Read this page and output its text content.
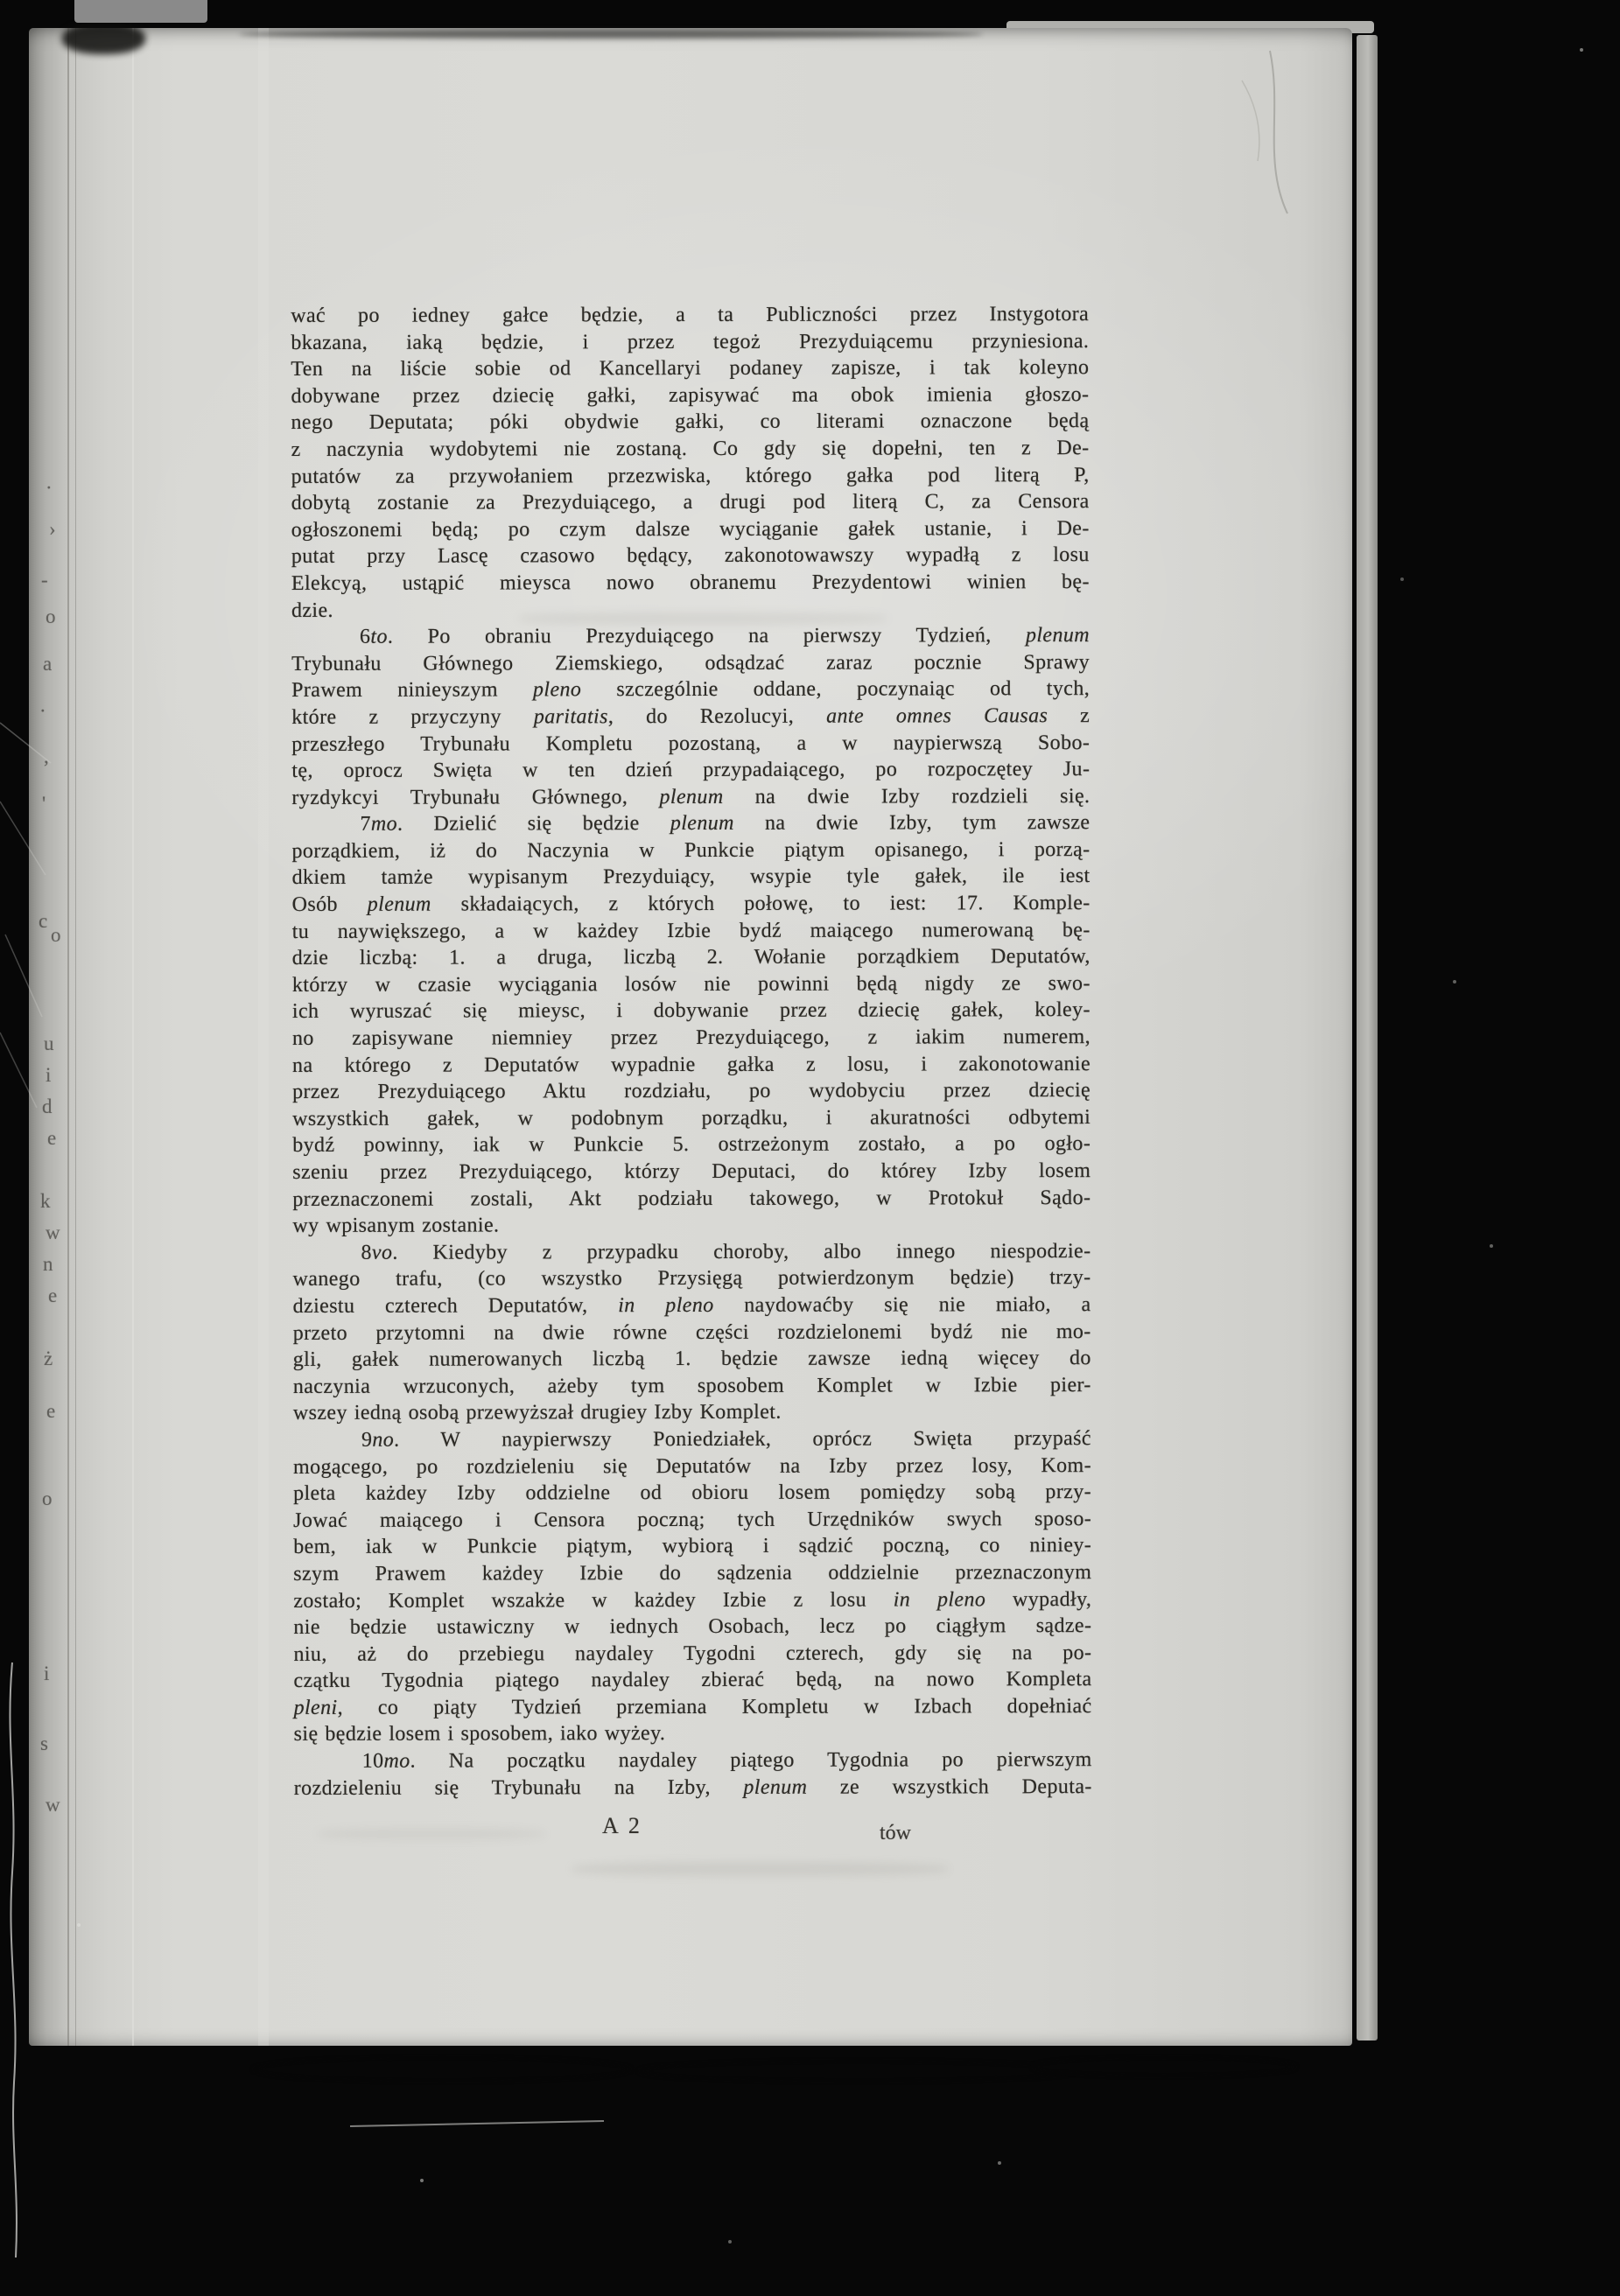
·
›
-
o
a
·
,
'
c
o
u
i
d
e
k
w
n
e
ż
e
o
i
s
w
wać po iedney gałce będzie, a ta Publiczności przez Instygotora
bkazana, iaką będzie, i przez tegoż Prezyduiącemu przyniesiona.
Ten na liście sobie od Kancellaryi podaney zapisze, i tak koleyno
dobywane przez dziecię gałki, zapisywać ma obok imienia głoszo-
nego Deputata; póki obydwie gałki, co literami oznaczone będą
z naczynia wydobytemi nie zostaną. Co gdy się dopełni, ten z De-
putatów za przywołaniem przezwiska, którego gałka pod literą P,
dobytą zostanie za Prezyduiącego, a drugi pod literą C, za Censora
ogłoszonemi będą; po czym dalsze wyciąganie gałek ustanie, i De-
putat przy Lascę czasowo będący, zakonotowawszy wypadłą z losu
Elekcyą, ustąpić mieysca nowo obranemu Prezydentowi winien bę-
dzie.
6to. Po obraniu Prezyduiącego na pierwszy Tydzień, plenum
Trybunału Głównego Ziemskiego, odsądzać zaraz pocznie Sprawy
Prawem ninieyszym pleno szczególnie oddane, poczynaiąc od tych,
które z przyczyny paritatis, do Rezolucyi, ante omnes Causas z
przeszłego Trybunału Kompletu pozostaną, a w naypierwszą Sobo-
tę, oprocz Swięta w ten dzień przypadaiącego, po rozpoczętey Ju-
ryzdykcyi Trybunału Głównego, plenum na dwie Izby rozdzieli się.
7mo. Dzielić się będzie plenum na dwie Izby, tym zawsze
porządkiem, iż do Naczynia w Punkcie piątym opisanego, i porzą-
dkiem tamże wypisanym Prezyduiący, wsypie tyle gałek, ile iest
Osób plenum składaiących, z których połowę, to iest: 17. Komple-
tu naywiększego, a w każdey Izbie bydź maiącego numerowaną bę-
dzie liczbą: 1. a druga, liczbą 2. Wołanie porządkiem Deputatów,
którzy w czasie wyciągania losów nie powinni będą nigdy ze swo-
ich wyruszać się mieysc, i dobywanie przez dziecię gałek, koley-
no zapisywane niemniey przez Prezyduiącego, z iakim numerem,
na którego z Deputatów wypadnie gałka z losu, i zakonotowanie
przez Prezyduiącego Aktu rozdziału, po wydobyciu przez dziecię
wszystkich gałek, w podobnym porządku, i akuratności odbytemi
bydź powinny, iak w Punkcie 5. ostrzeżonym zostało, a po ogło-
szeniu przez Prezyduiącego, którzy Deputaci, do którey Izby losem
przeznaczonemi zostali, Akt podziału takowego, w Protokuł Sądo-
wy wpisanym zostanie.
8vo. Kiedyby z przypadku choroby, albo innego niespodzie-
wanego trafu, (co wszystko Przysięgą potwierdzonym będzie) trzy-
dziestu czterech Deputatów, in pleno naydowaćby się nie miało, a
przeto przytomni na dwie równe części rozdzielonemi bydź nie mo-
gli, gałek numerowanych liczbą 1. będzie zawsze iedną więcey do
naczynia wrzuconych, ażeby tym sposobem Komplet w Izbie pier-
wszey iedną osobą przewyższał drugiey Izby Komplet.
9no. W naypierwszy Poniedziałek, oprócz Swięta przypaść
mogącego, po rozdzieleniu się Deputatów na Izby przez losy, Kom-
pleta każdey Izby oddzielne od obioru losem pomiędzy sobą przy-
Jować maiącego i Censora poczną; tych Urzędników swych sposo-
bem, iak w Punkcie piątym, wybiorą i sądzić poczną, co niniey-
szym Prawem każdey Izbie do sądzenia oddzielnie przeznaczonym
zostało; Komplet wszakże w każdey Izbie z losu in pleno wypadły,
nie będzie ustawiczny w iednych Osobach, lecz po ciągłym sądze-
niu, aż do przebiegu naydaley Tygodni czterech, gdy się na po-
czątku Tygodnia piątego naydaley zbierać będą, na nowo Kompleta
pleni, co piąty Tydzień przemiana Kompletu w Izbach dopełniać
się będzie losem i sposobem, iako wyżey.
10mo. Na początku naydaley piątego Tygodnia po pierwszym
rozdzieleniu się Trybunału na Izby, plenum ze wszystkich Deputa-
A 2	tów
